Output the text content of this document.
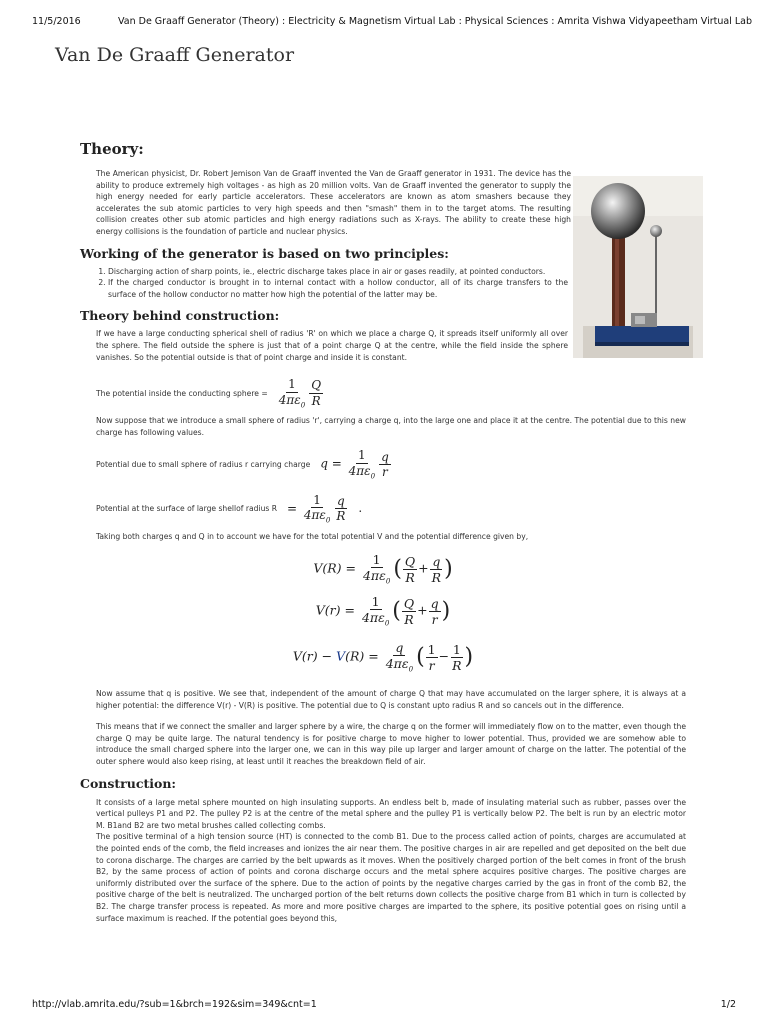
11/5/2016	Van De Graaff Generator (Theory) : Electricity & Magnetism Virtual Lab : Physical Sciences : Amrita Vishwa Vidyapeetham Virtual Lab
Van De Graaff Generator
Theory:
The American physicist, Dr. Robert Jemison Van de Graaff invented the Van de Graaff generator in 1931. The device has the ability to produce extremely high voltages - as high as 20 million volts. Van de Graaff invented the generator to supply the high energy needed for early particle accelerators. These accelerators are known as atom smashers because they accelerates the sub atomic particles to very high speeds and then "smash" them in to the target atoms. The resulting collision creates other sub atomic particles and high energy radiations such as X-rays. The ability to create these high energy collisions is the foundation of particle and nuclear physics.
Working of the generator is based on two principles:
1. Discharging action of sharp points, ie., electric discharge takes place in air or gases readily, at pointed conductors.
2. If the charged conductor is brought in to internal contact with a hollow conductor, all of its charge transfers to the surface of the hollow conductor no matter how high the potential of the latter may be.
Theory behind construction:
If we have a large conducting spherical shell of radius 'R' on which we place a charge Q, it spreads itself uniformly all over the sphere. The field outside the sphere is just that of a point charge Q at the centre, while the field inside the sphere vanishes. So the potential outside is that of point charge and inside it is constant.
The potential inside the conducting sphere = $\frac{1}{4\pi\varepsilon_0} \frac{Q}{R}$
Now suppose that we introduce a small sphere of radius 'r', carrying a charge q, into the large one and place it at the centre. The potential due to this new charge has following values.
Potential due to small sphere of radius r carrying charge $q = \frac{1}{4\pi\varepsilon_0} \frac{q}{r}$
Potential at the surface of large shellof radius $R = \frac{1}{4\pi\varepsilon_0} \frac{q}{R}$ .
Taking both charges q and Q in to account we have for the total potential V and the potential difference given by,
$V(R) = \frac{1}{4\pi\varepsilon_0}$ ( $\frac{Q}{R} + \frac{q}{R}$ )
$V(r) = \frac{1}{4\pi\varepsilon_0}$ ( $\frac{Q}{R} + \frac{q}{r}$ )
$V(r) - V(R) = \frac{q}{4\pi\varepsilon_0}$ ( $\frac{1}{r} - \frac{1}{R}$ )
Now assume that q is positive. We see that, independent of the amount of charge Q that may have accumulated on the larger sphere, it is always at a higher potential: the difference V(r) - V(R) is positive. The potential due to Q is constant upto radius R and so cancels out in the difference.
This means that if we connect the smaller and larger sphere by a wire, the charge q on the former will immediately flow on to the matter, even though the charge Q may be quite large. The natural tendency is for positive charge to move higher to lower potential. Thus, provided we are somehow able to introduce the small charged sphere into the larger one, we can in this way pile up larger and larger amount of charge on the latter. The potential of the outer sphere would also keep rising, at least until it reaches the breakdown field of air.
Construction:
It consists of a large metal sphere mounted on high insulating supports. An endless belt b, made of insulating material such as rubber, passes over the vertical pulleys P1 and P2. The pulley P2 is at the centre of the metal sphere and the pulley P1 is vertically below P2. The belt is run by an electric motor M. B1and B2 are two metal brushes called collecting combs.
The positive terminal of a high tension source (HT) is connected to the comb B1. Due to the process called action of points, charges are accumulated at the pointed ends of the comb, the field increases and ionizes the air near them. The positive charges in air are repelled and get deposited on the belt due to corona discharge. The charges are carried by the belt upwards as it moves. When the positively charged portion of the belt comes in front of the brush B2, by the same process of action of points and corona discharge occurs and the metal sphere acquires positive charges. The positive charges are uniformly distributed over the surface of the sphere. Due to the action of points by the negative charges carried by the gas in front of the comb B2, the positive charge of the belt is neutralized. The uncharged portion of the belt returns down collects the positive charge from B1 which in turn is collected by B2. The charge transfer process is repeated. As more and more positive charges are imparted to the sphere, its positive potential goes on rising until a surface maximum is reached. If the potential goes beyond this,
http://vlab.amrita.edu/?sub=1&brch=192&sim=349&cnt=1	1/2
